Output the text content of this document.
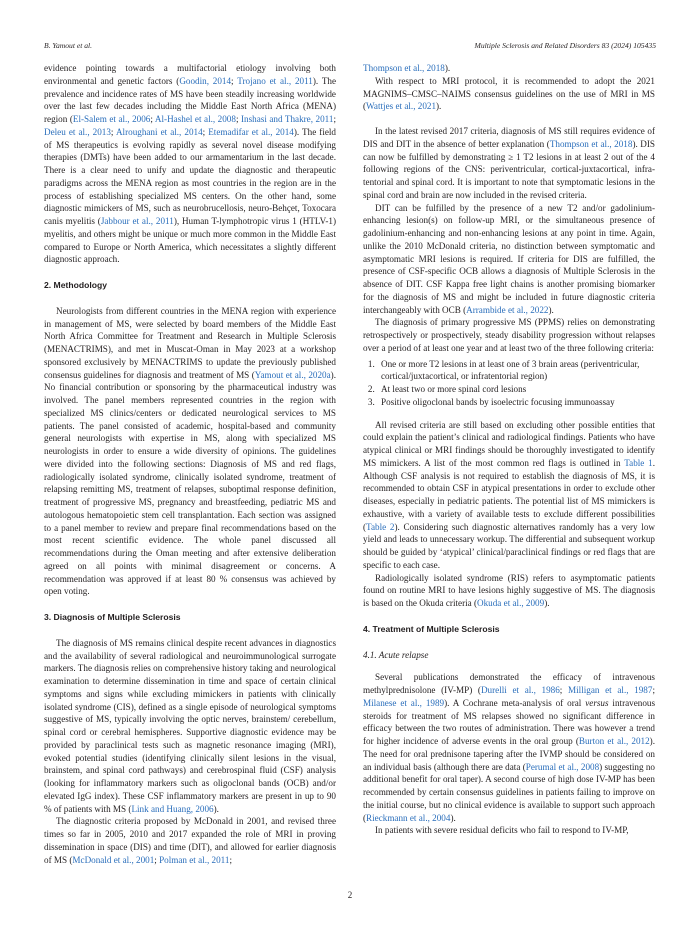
B. Yamout et al.	Multiple Sclerosis and Related Disorders 83 (2024) 105435

evidence pointing towards a multifactorial etiology involving both environmental and genetic factors (Goodin, 2014; Trojano et al., 2011). The prevalence and incidence rates of MS have been steadily increasing worldwide over the last few decades including the Middle East North Africa (MENA) region (El-Salem et al., 2006; Al-Hashel et al., 2008; Inshasi and Thakre, 2011; Deleu et al., 2013; Alroughani et al., 2014; Etemadifar et al., 2014). The field of MS therapeutics is evolving rapidly as several novel disease modifying therapies (DMTs) have been added to our armamentarium in the last decade. There is a clear need to unify and update the diagnostic and therapeutic paradigms across the MENA region as most countries in the region are in the process of establishing specialized MS centers. On the other hand, some diagnostic mimickers of MS, such as neurobrucellosis, neuro-Behçet, Toxocara canis myelitis (Jabbour et al., 2011), Human T-lymphotropic virus 1 (HTLV-1) myelitis, and others might be unique or much more common in the Middle East compared to Europe or North America, which necessitates a slightly different diagnostic approach.

2. Methodology

Neurologists from different countries in the MENA region with experience in management of MS, were selected by board members of the Middle East North Africa Committee for Treatment and Research in Multiple Sclerosis (MENACTRIMS), and met in Muscat-Oman in May 2023 at a workshop sponsored exclusively by MENACTRIMS to update the previously published consensus guidelines for diagnosis and treatment of MS (Yamout et al., 2020a). No financial contribution or sponsoring by the pharmaceutical industry was involved. The panel members represented countries in the region with specialized MS clinics/centers or dedicated neurological services to MS patients. The panel consisted of academic, hospital-based and community general neurologists with expertise in MS, along with specialized MS neurologists in order to ensure a wide diversity of opinions. The guidelines were divided into the following sections: Diagnosis of MS and red flags, radiologically isolated syndrome, clinically isolated syndrome, treatment of relapsing remitting MS, treatment of relapses, suboptimal response definition, treatment of progressive MS, pregnancy and breastfeeding, pediatric MS and autologous hematopoietic stem cell transplantation. Each section was assigned to a panel member to review and prepare final recommendations based on the most recent scientific evidence. The whole panel discussed all recommendations during the Oman meeting and after extensive deliberation agreed on all points with minimal disagreement or concerns. A recommendation was approved if at least 80 % consensus was achieved by open voting.

3. Diagnosis of Multiple Sclerosis

The diagnosis of MS remains clinical despite recent advances in diagnostics and the availability of several radiological and neuroimmunological surrogate markers. The diagnosis relies on comprehensive history taking and neurological examination to determine dissemination in time and space of certain clinical symptoms and signs while excluding mimickers in patients with clinically isolated syndrome (CIS), defined as a single episode of neurological symptoms suggestive of MS, typically involving the optic nerves, brainstem/ cerebellum, spinal cord or cerebral hemispheres. Supportive diagnostic evidence may be provided by paraclinical tests such as magnetic resonance imaging (MRI), evoked potential studies (identifying clinically silent lesions in the visual, brainstem, and spinal cord pathways) and cerebrospinal fluid (CSF) analysis (looking for inflammatory markers such as oligoclonal bands (OCB) and/or elevated IgG index). These CSF inflammatory markers are present in up to 90 % of patients with MS (Link and Huang, 2006).

The diagnostic criteria proposed by McDonald in 2001, and revised three times so far in 2005, 2010 and 2017 expanded the role of MRI in proving dissemination in space (DIS) and time (DIT), and allowed for earlier diagnosis of MS (McDonald et al., 2001; Polman et al., 2011;

Thompson et al., 2018).

With respect to MRI protocol, it is recommended to adopt the 2021 MAGNIMS–CMSC–NAIMS consensus guidelines on the use of MRI in MS (Wattjes et al., 2021).

In the latest revised 2017 criteria, diagnosis of MS still requires evidence of DIS and DIT in the absence of better explanation (Thompson et al., 2018). DIS can now be fulfilled by demonstrating ≥ 1 T2 lesions in at least 2 out of the 4 following regions of the CNS: periventricular, cortical-juxtacortical, infra-tentorial and spinal cord. It is important to note that symptomatic lesions in the spinal cord and brain are now included in the revised criteria.

DIT can be fulfilled by the presence of a new T2 and/or gadolinium-enhancing lesion(s) on follow-up MRI, or the simultaneous presence of gadolinium-enhancing and non-enhancing lesions at any point in time. Again, unlike the 2010 McDonald criteria, no distinction between symptomatic and asymptomatic MRI lesions is required. If criteria for DIS are fulfilled, the presence of CSF-specific OCB allows a diagnosis of Multiple Sclerosis in the absence of DIT. CSF Kappa free light chains is another promising biomarker for the diagnosis of MS and might be included in future diagnostic criteria interchangeably with OCB (Arrambide et al., 2022).

The diagnosis of primary progressive MS (PPMS) relies on demonstrating retrospectively or prospectively, steady disability progression without relapses over a period of at least one year and at least two of the three following criteria:

1. One or more T2 lesions in at least one of 3 brain areas (periventricular, cortical/juxtacortical, or infratentorial region)
2. At least two or more spinal cord lesions
3. Positive oligoclonal bands by isoelectric focusing immunoassay

All revised criteria are still based on excluding other possible entities that could explain the patient’s clinical and radiological findings. Patients who have atypical clinical or MRI findings should be thoroughly investigated to identify MS mimickers. A list of the most common red flags is outlined in Table 1. Although CSF analysis is not required to establish the diagnosis of MS, it is recommended to obtain CSF in atypical presentations in order to exclude other diseases, especially in pediatric patients. The potential list of MS mimickers is exhaustive, with a variety of available tests to exclude different possibilities (Table 2). Considering such diagnostic alternatives randomly has a very low yield and leads to unnecessary workup. The differential and subsequent workup should be guided by ‘atypical’ clinical/paraclinical findings or red flags that are specific to each case.

Radiologically isolated syndrome (RIS) refers to asymptomatic patients found on routine MRI to have lesions highly suggestive of MS. The diagnosis is based on the Okuda criteria (Okuda et al., 2009).

4. Treatment of Multiple Sclerosis
4.1. Acute relapse

Several publications demonstrated the efficacy of intravenous methylprednisolone (IV-MP) (Durelli et al., 1986; Milligan et al., 1987; Milanese et al., 1989). A Cochrane meta-analysis of oral versus intravenous steroids for treatment of MS relapses showed no significant difference in efficacy between the two routes of administration. There was however a trend for higher incidence of adverse events in the oral group (Burton et al., 2012). The need for oral prednisone tapering after the IVMP should be considered on an individual basis (although there are data (Perumal et al., 2008) suggesting no additional benefit for oral taper). A second course of high dose IV-MP has been recommended by certain consensus guidelines in patients failing to improve on the initial course, but no clinical evidence is available to support such approach (Rieckmann et al., 2004).

In patients with severe residual deficits who fail to respond to IV-MP,

2
